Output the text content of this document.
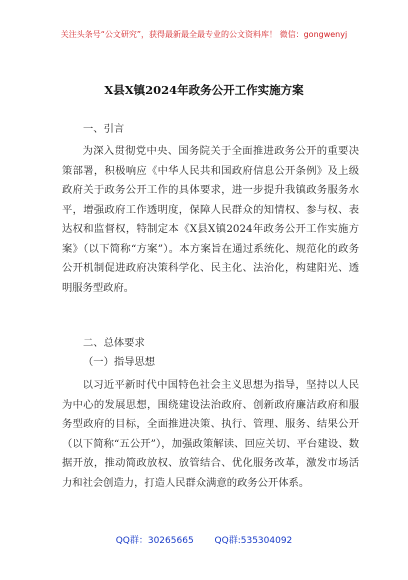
关注头条号“公文研究”，获得最新最全最专业的公文资料库！ 微信：gongwenyj
X县X镇2024年政务公开工作实施方案
一、引言
为深入贯彻党中央、国务院关于全面推进政务公开的重要决策部署，积极响应《中华人民共和国政府信息公开条例》及上级政府关于政务公开工作的具体要求，进一步提升我镇政务服务水平，增强政府工作透明度，保障人民群众的知情权、参与权、表达权和监督权，特制定本《X县X镇2024年政务公开工作实施方案》（以下简称“方案”）。本方案旨在通过系统化、规范化的政务公开机制促进政府决策科学化、民主化、法治化，构建阳光、透明服务型政府。
二、总体要求
（一）指导思想
以习近平新时代中国特色社会主义思想为指导，坚持以人民为中心的发展思想，围绕建设法治政府、创新政府廉洁政府和服务型政府的目标，全面推进决策、执行、管理、服务、结果公开（以下简称“五公开”），加强政策解读、回应关切、平台建设、数据开放，推动简政放权、放管结合、优化服务改革，激发市场活力和社会创造力，打造人民群众满意的政务公开体系。
QQ群：30265665 QQ群:535304092
